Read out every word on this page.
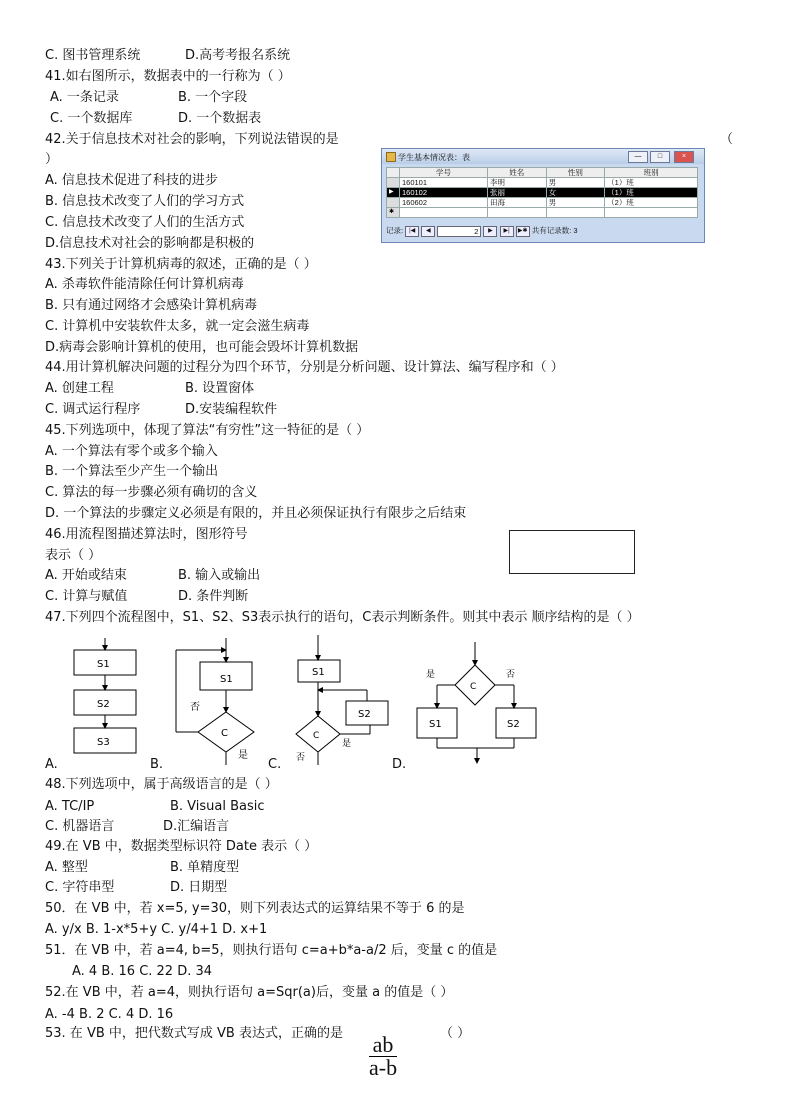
C. 图书管理系统	D.高考考报名系统
41.如右图所示，数据表中的一行称为（ ）
A. 一条记录	B. 一个字段
C. 一个数据库	D. 一个数据表
42.关于信息技术对社会的影响，下列说法错误的是	（
）
A. 信息技术促进了科技的进步
B. 信息技术改变了人们的学习方式
C. 信息技术改变了人们的生活方式
D.信息技术对社会的影响都是积极的
学生基本情况表：表	—	□	×
	学号	姓名	性别	班别
	160101	李明	男	（1）班
▶	160102	张丽	女	（1）班
	160602	田海	男	（2）班
✱				
记录: |◀ ◀	2 ▶ ▶| ▶✱ 共有记录数: 3
43.下列关于计算机病毒的叙述，正确的是（ ）
A. 杀毒软件能清除任何计算机病毒
B. 只有通过网络才会感染计算机病毒
C. 计算机中安装软件太多，就一定会滋生病毒
D.病毒会影响计算机的使用，也可能会毁坏计算机数据
44.用计算机解决问题的过程分为四个环节，分别是分析问题、设计算法、编写程序和（ ）
A. 创建工程	B. 设置窗体
C. 调式运行程序	D.安装编程软件
45.下列选项中，体现了算法“有穷性”这一特征的是（ ）
A. 一个算法有零个或多个输入
B. 一个算法至少产生一个输出
C. 算法的每一步骤必须有确切的含义
D. 一个算法的步骤定义必须是有限的，并且必须保证执行有限步之后结束
46.用流程图描述算法时，图形符号
表示（ ）
A. 开始或结束	B. 输入或输出
C. 计算与赋值	D. 条件判断
47.下列四个流程图中，S1、S2、S3表示执行的语句，C表示判断条件。则其中表示 顺序结构的是（ ）
S1
S2
S3
S1
C
否
是
S1
S2
C
是
否
C
是	否
S1	S2
A.	B.	C.	D.
48.下列选项中，属于高级语言的是（ ）
A. TC/IP	B. Visual Basic
C. 机器语言	D.汇编语言
49.在 VB 中，数据类型标识符 Date 表示（ ）
A. 整型	B. 单精度型
C. 字符串型	D. 日期型
50．在 VB 中，若 x=5, y=30，则下列表达式的运算结果不等于 6 的是
A. y/x B. 1-x*5+y C. y/4+1 D. x+1
51．在 VB 中，若 a=4, b=5，则执行语句 c=a+b*a-a/2 后，变量 c 的值是
A. 4 B. 16 C. 22 D. 34
52.在 VB 中，若 a=4，则执行语句 a=Sqr(a)后，变量 a 的值是（ ）
A. -4 B. 2 C. 4 D. 16
53. 在 VB 中，把代数式写成 VB 表达式，正确的是	（ ）
$\frac{ab}{a-b}$
